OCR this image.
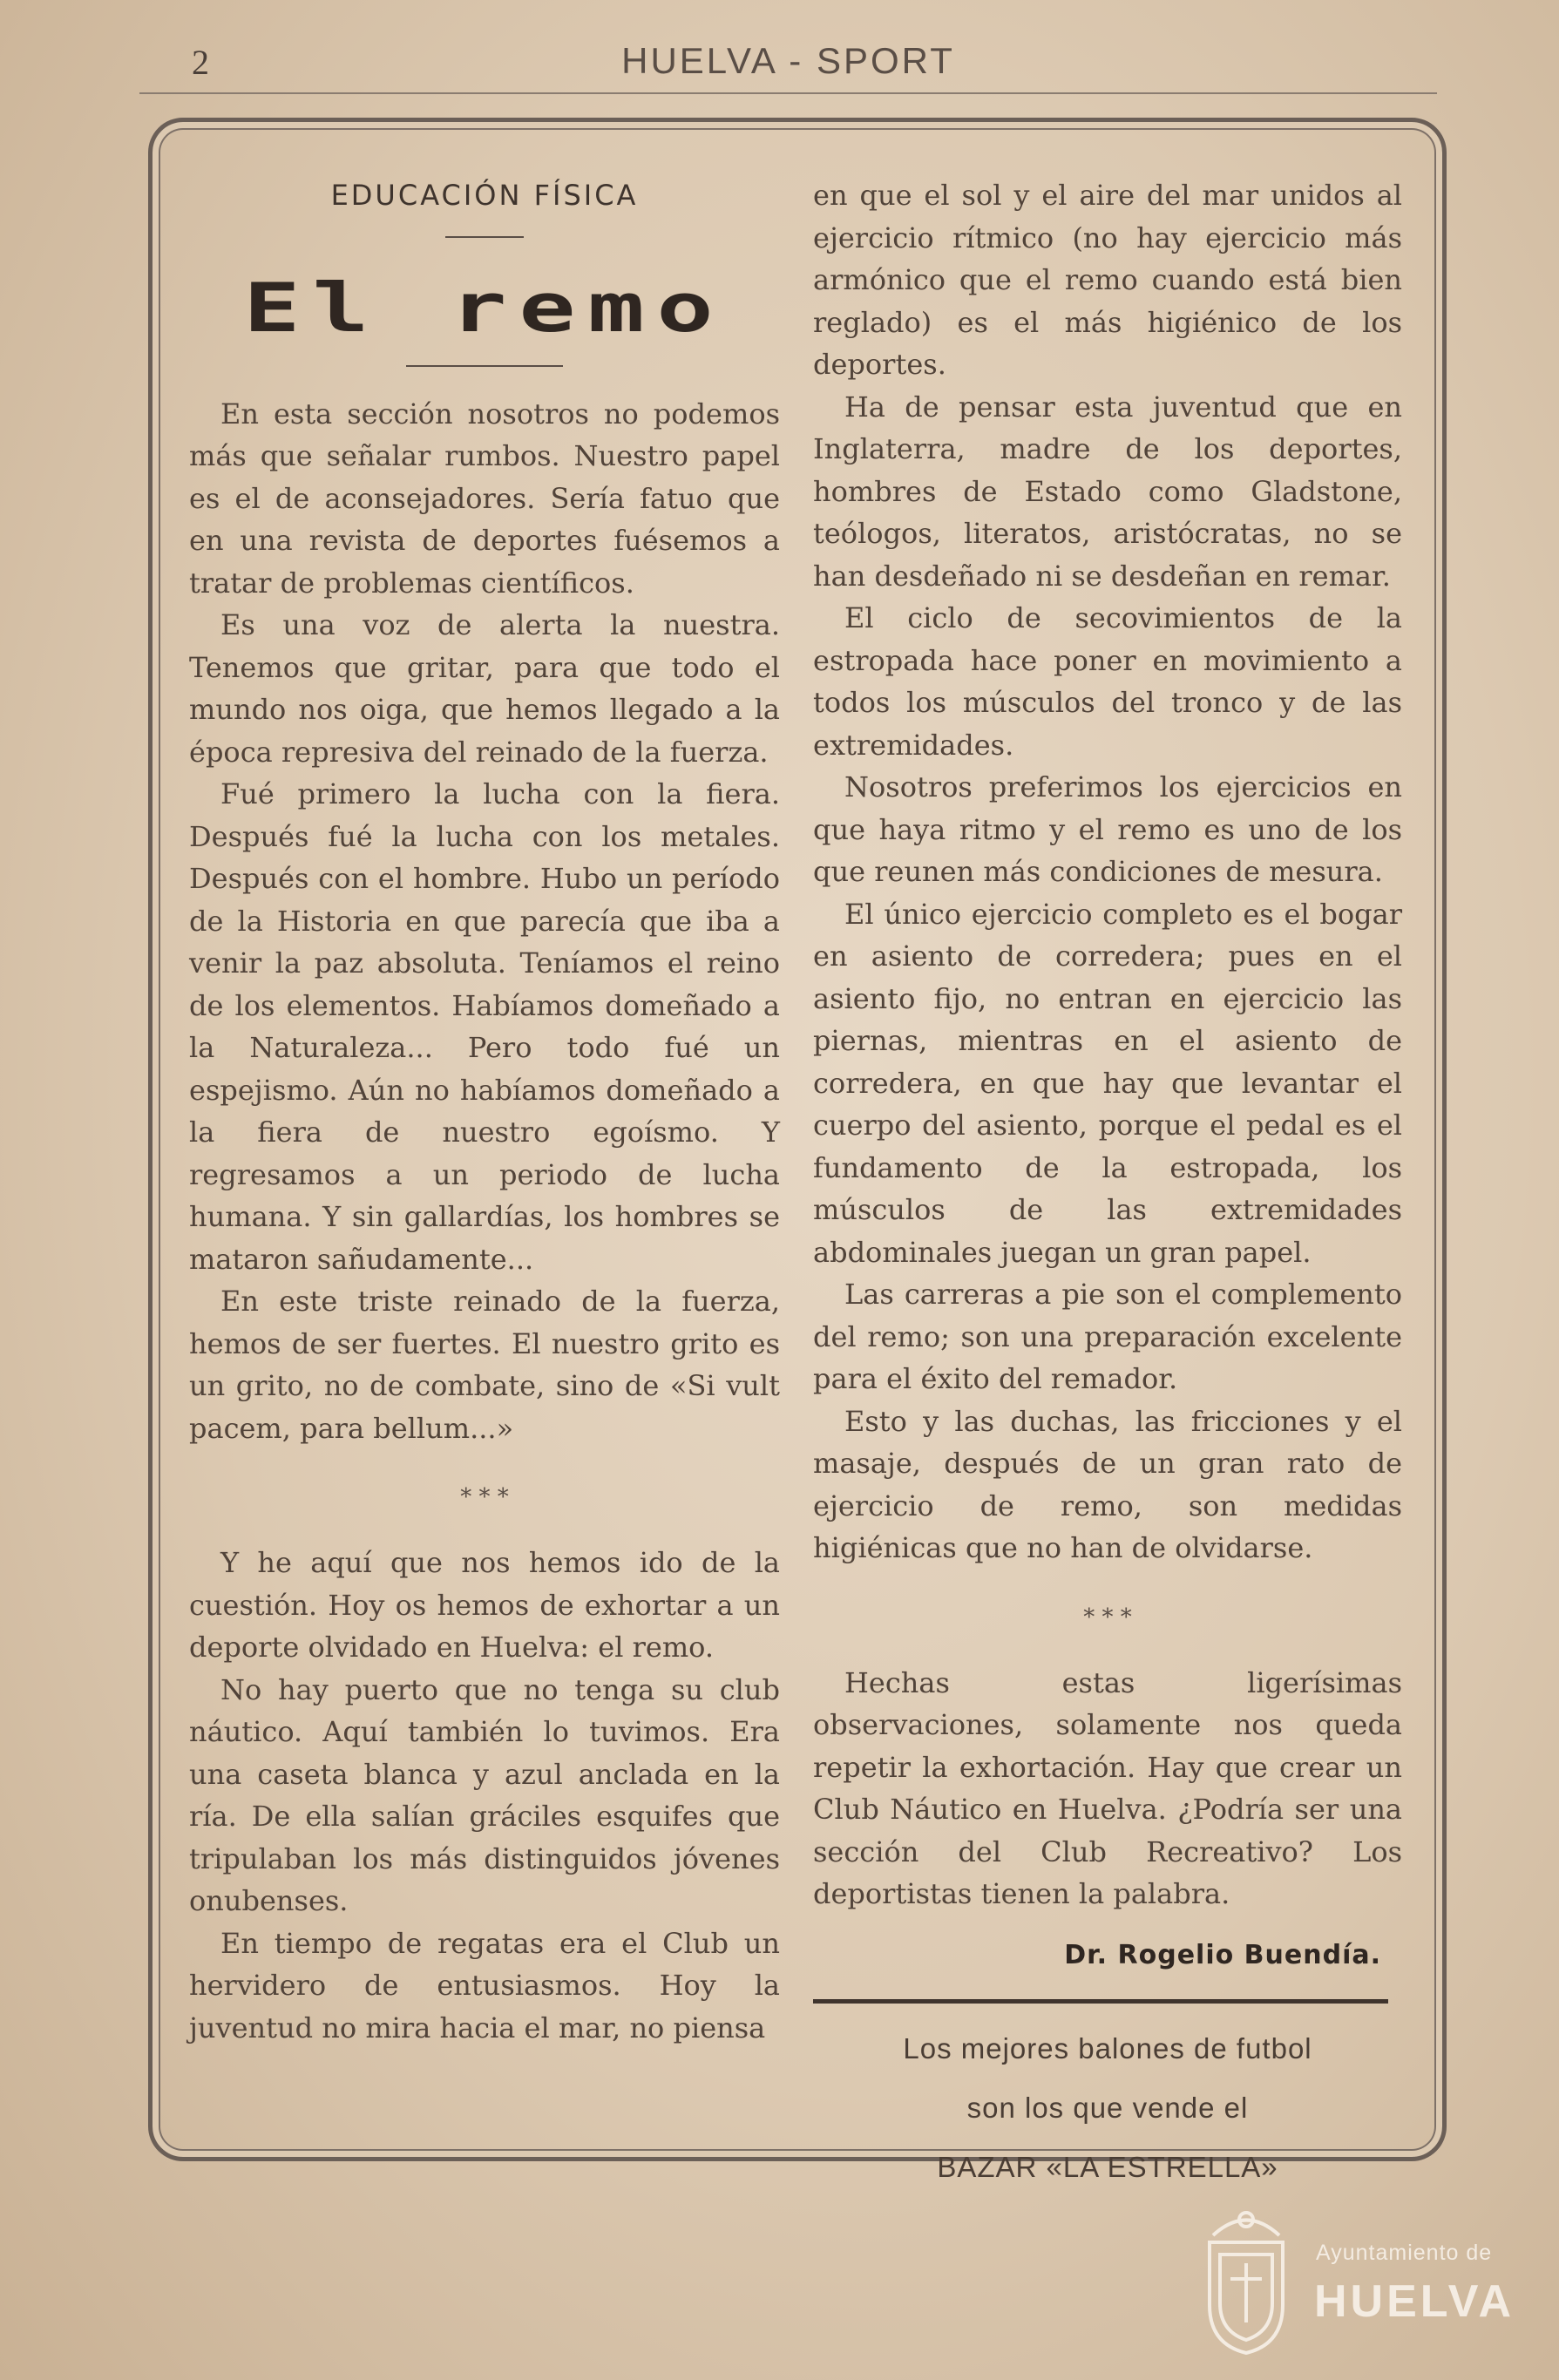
2	HUELVA - SPORT
EDUCACIÓN FÍSICA
El remo

En esta sección nosotros no podemos más que señalar rumbos. Nuestro papel es el de aconsejadores. Sería fatuo que en una revista de deportes fuésemos a tratar de problemas científicos.

Es una voz de alerta la nuestra. Tenemos que gritar, para que todo el mundo nos oiga, que hemos llegado a la época represiva del reinado de la fuerza.

Fué primero la lucha con la fiera. Después fué la lucha con los metales. Después con el hombre. Hubo un período de la Historia en que parecía que iba a venir la paz absoluta. Teníamos el reino de los elementos. Habíamos domeñado a la Naturaleza... Pero todo fué un espejismo. Aún no habíamos domeñado a la fiera de nuestro egoísmo. Y regresamos a un periodo de lucha humana. Y sin gallardías, los hombres se mataron sañudamente...

En este triste reinado de la fuerza, hemos de ser fuertes. El nuestro grito es un grito, no de combate, sino de «Si vult pacem, para bellum...»

* * *

Y he aquí que nos hemos ido de la cuestión. Hoy os hemos de exhortar a un deporte olvidado en Huelva: el remo.

No hay puerto que no tenga su club náutico. Aquí también lo tuvimos. Era una caseta blanca y azul anclada en la ría. De ella salían gráciles esquifes que tripulaban los más distinguidos jóvenes onubenses.

En tiempo de regatas era el Club un hervidero de entusiasmos. Hoy la juventud no mira hacia el mar, no piensa

en que el sol y el aire del mar unidos al ejercicio rítmico (no hay ejercicio más armónico que el remo cuando está bien reglado) es el más higiénico de los deportes.

Ha de pensar esta juventud que en Inglaterra, madre de los deportes, hombres de Estado como Gladstone, teólogos, literatos, aristócratas, no se han desdeñado ni se desdeñan en remar.

El ciclo de secovimientos de la estropada hace poner en movimiento a todos los músculos del tronco y de las extremidades.

Nosotros preferimos los ejercicios en que haya ritmo y el remo es uno de los que reunen más condiciones de mesura.

El único ejercicio completo es el bogar en asiento de corredera; pues en el asiento fijo, no entran en ejercicio las piernas, mientras en el asiento de corredera, en que hay que levantar el cuerpo del asiento, porque el pedal es el fundamento de la estropada, los músculos de las extremidades abdominales juegan un gran papel.

Las carreras a pie son el complemento del remo; son una preparación excelente para el éxito del remador.

Esto y las duchas, las fricciones y el masaje, después de un gran rato de ejercicio de remo, son medidas higiénicas que no han de olvidarse.

* * *

Hechas estas ligerísimas observaciones, solamente nos queda repetir la exhortación. Hay que crear un Club Náutico en Huelva. ¿Podría ser una sección del Club Recreativo? Los deportistas tienen la palabra.

Dr. Rogelio Buendía.
Los mejores balones de futbol
son los que vende el
BAZAR «LA ESTRELLA»
Ayuntamiento de
HUELVA
